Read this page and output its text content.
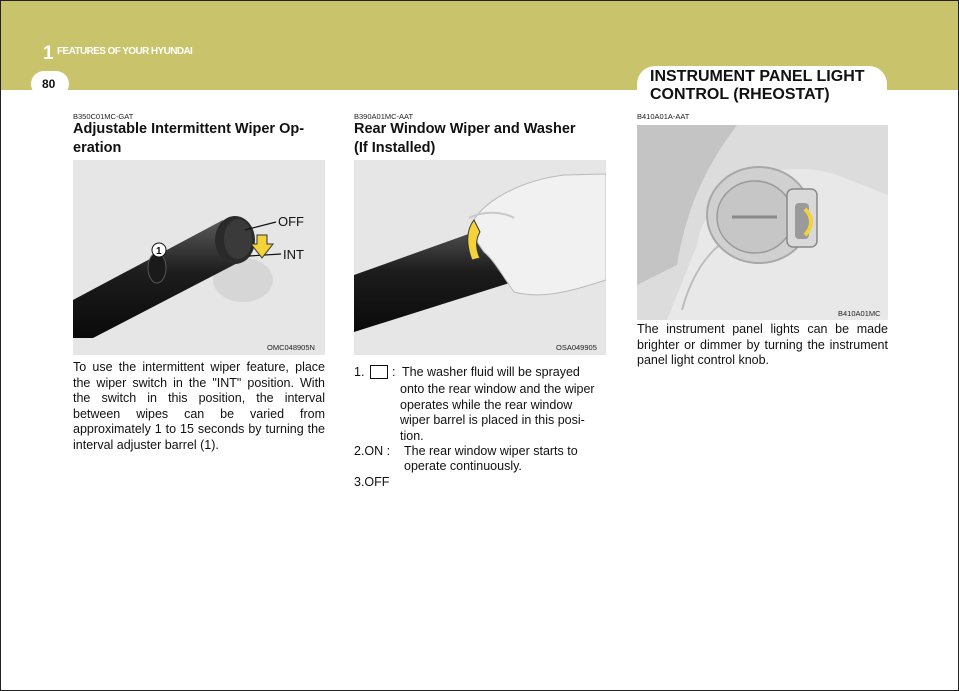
1 FEATURES OF YOUR HYUNDAI
80	INSTRUMENT PANEL LIGHT
CONTROL (RHEOSTAT)
B350C01MC-GAT
Adjustable Intermittent Wiper Op-
eration
1
OFF
INT
OMC048905N
To use the intermittent wiper feature, place the wiper switch in the "INT" position. With the switch in this position, the interval between wipes can be varied from approximately 1 to 15 seconds by turning the interval adjuster barrel (1).
B390A01MC-AAT
Rear Window Wiper and Washer
(If Installed)
OSA049905
1. : The washer fluid will be sprayed
onto the rear window and the wiper
operates while the rear window
wiper barrel is placed in this posi-
tion.
2.ON : The rear window wiper starts to
operate continuously.
3.OFF
B410A01A-AAT
B410A01MC
The instrument panel lights can be made brighter or dimmer by turning the instrument panel light control knob.
